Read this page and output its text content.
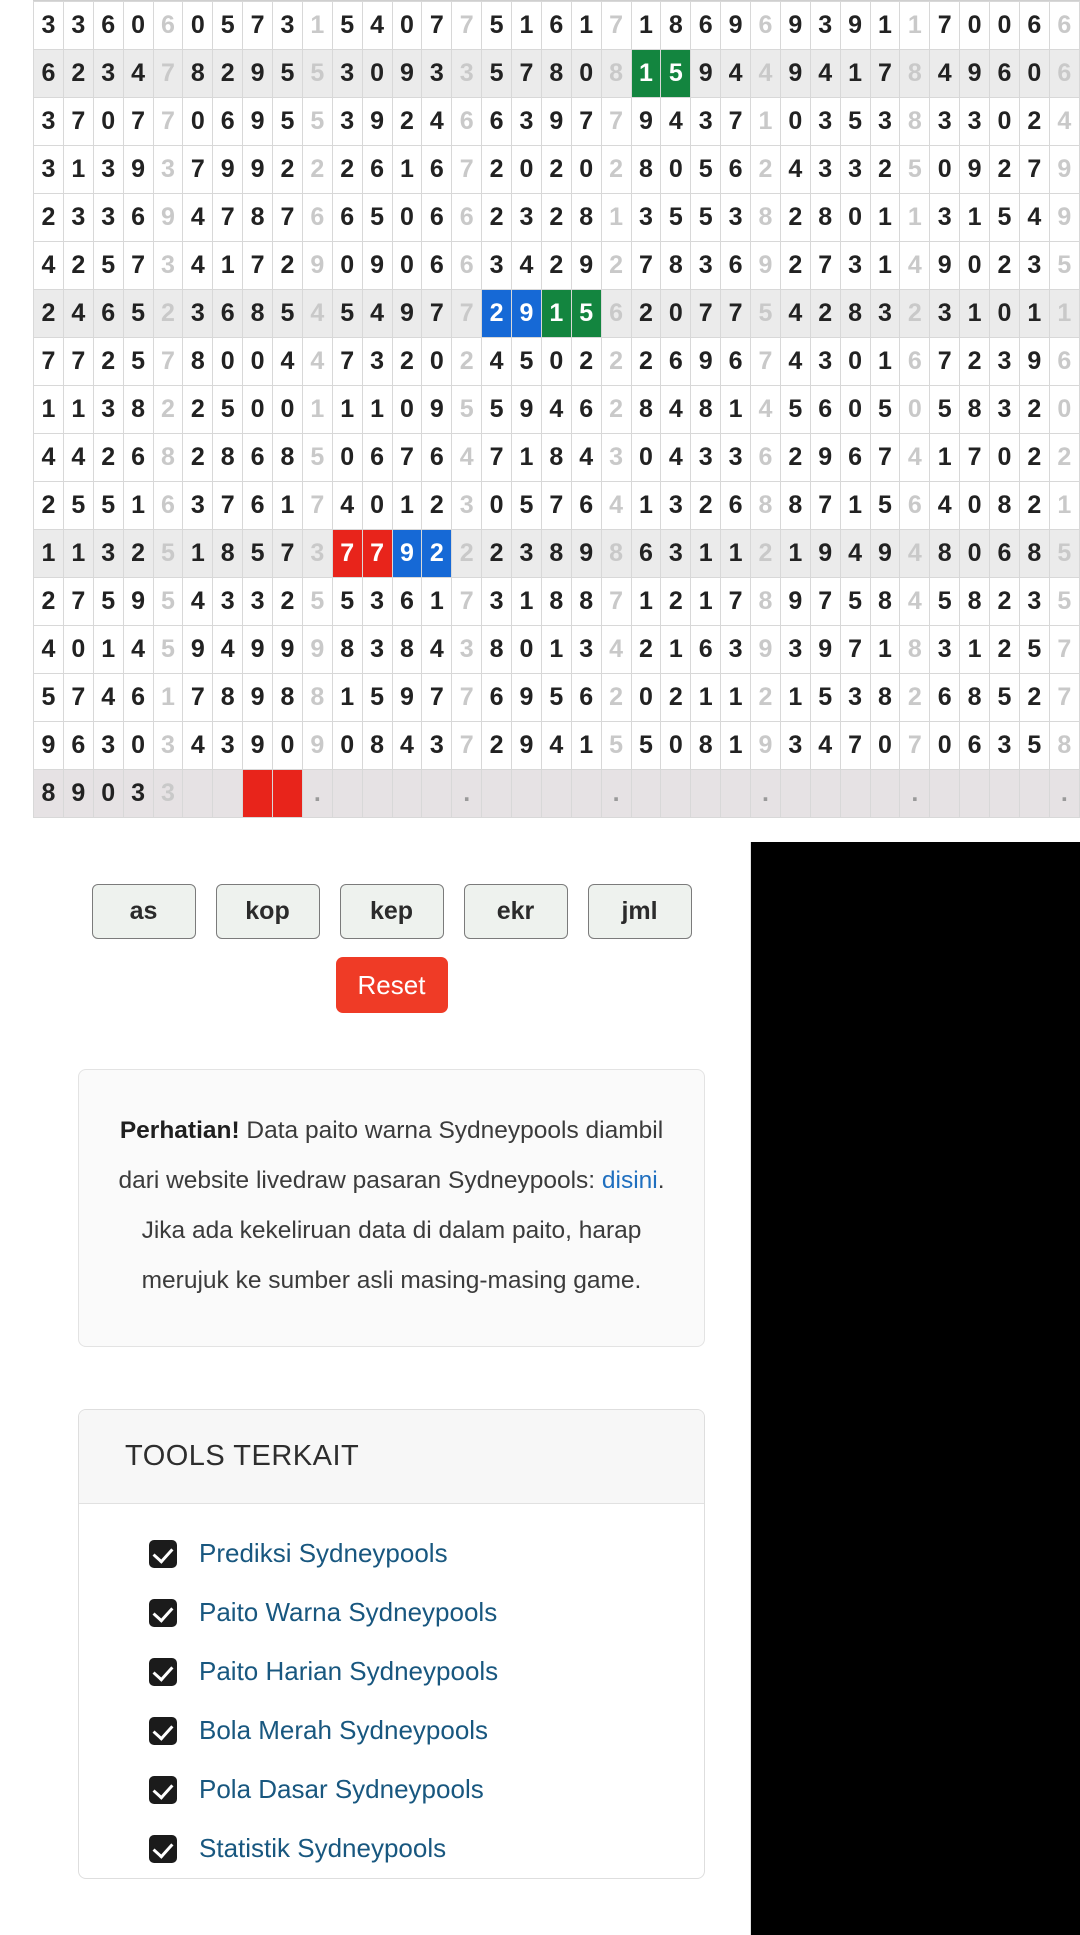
3	3	6	0	6	0	5	7	3	1	5	4	0	7	7	5	1	6	1	7	1	8	6	9	6	9	3	9	1	1	7	0	0	6	6
6	2	3	4	7	8	2	9	5	5	3	0	9	3	3	5	7	8	0	8	1	5	9	4	4	9	4	1	7	8	4	9	6	0	6
3	7	0	7	7	0	6	9	5	5	3	9	2	4	6	6	3	9	7	7	9	4	3	7	1	0	3	5	3	8	3	3	0	2	4
3	1	3	9	3	7	9	9	2	2	2	6	1	6	7	2	0	2	0	2	8	0	5	6	2	4	3	3	2	5	0	9	2	7	9
2	3	3	6	9	4	7	8	7	6	6	5	0	6	6	2	3	2	8	1	3	5	5	3	8	2	8	0	1	1	3	1	5	4	9
4	2	5	7	3	4	1	7	2	9	0	9	0	6	6	3	4	2	9	2	7	8	3	6	9	2	7	3	1	4	9	0	2	3	5
2	4	6	5	2	3	6	8	5	4	5	4	9	7	7	2	9	1	5	6	2	0	7	7	5	4	2	8	3	2	3	1	0	1	1
7	7	2	5	7	8	0	0	4	4	7	3	2	0	2	4	5	0	2	2	2	6	9	6	7	4	3	0	1	6	7	2	3	9	6
1	1	3	8	2	2	5	0	0	1	1	1	0	9	5	5	9	4	6	2	8	4	8	1	4	5	6	0	5	0	5	8	3	2	0
4	4	2	6	8	2	8	6	8	5	0	6	7	6	4	7	1	8	4	3	0	4	3	3	6	2	9	6	7	4	1	7	0	2	2
2	5	5	1	6	3	7	6	1	7	4	0	1	2	3	0	5	7	6	4	1	3	2	6	8	8	7	1	5	6	4	0	8	2	1
1	1	3	2	5	1	8	5	7	3	7	7	9	2	2	2	3	8	9	8	6	3	1	1	2	1	9	4	9	4	8	0	6	8	5
2	7	5	9	5	4	3	3	2	5	5	3	6	1	7	3	1	8	8	7	1	2	1	7	8	9	7	5	8	4	5	8	2	3	5
4	0	1	4	5	9	4	9	9	9	8	3	8	4	3	8	0	1	3	4	2	1	6	3	9	3	9	7	1	8	3	1	2	5	7
5	7	4	6	1	7	8	9	8	8	1	5	9	7	7	6	9	5	6	2	0	2	1	1	2	1	5	3	8	2	6	8	5	2	7
9	6	3	0	3	4	3	9	0	9	0	8	4	3	7	2	9	4	1	5	5	0	8	1	9	3	4	7	0	7	0	6	3	5	8
8	9	0	3	3					.					.					.					.					.					.
as	kop	kep	ekr	jml
Reset

Perhatian! Data paito warna Sydneypools diambil dari website livedraw pasaran Sydneypools: disini. Jika ada kekeliruan data di dalam paito, harap merujuk ke sumber asli masing-masing game.

TOOLS TERKAIT
Prediksi Sydneypools
Paito Warna Sydneypools
Paito Harian Sydneypools
Bola Merah Sydneypools
Pola Dasar Sydneypools
Statistik Sydneypools
